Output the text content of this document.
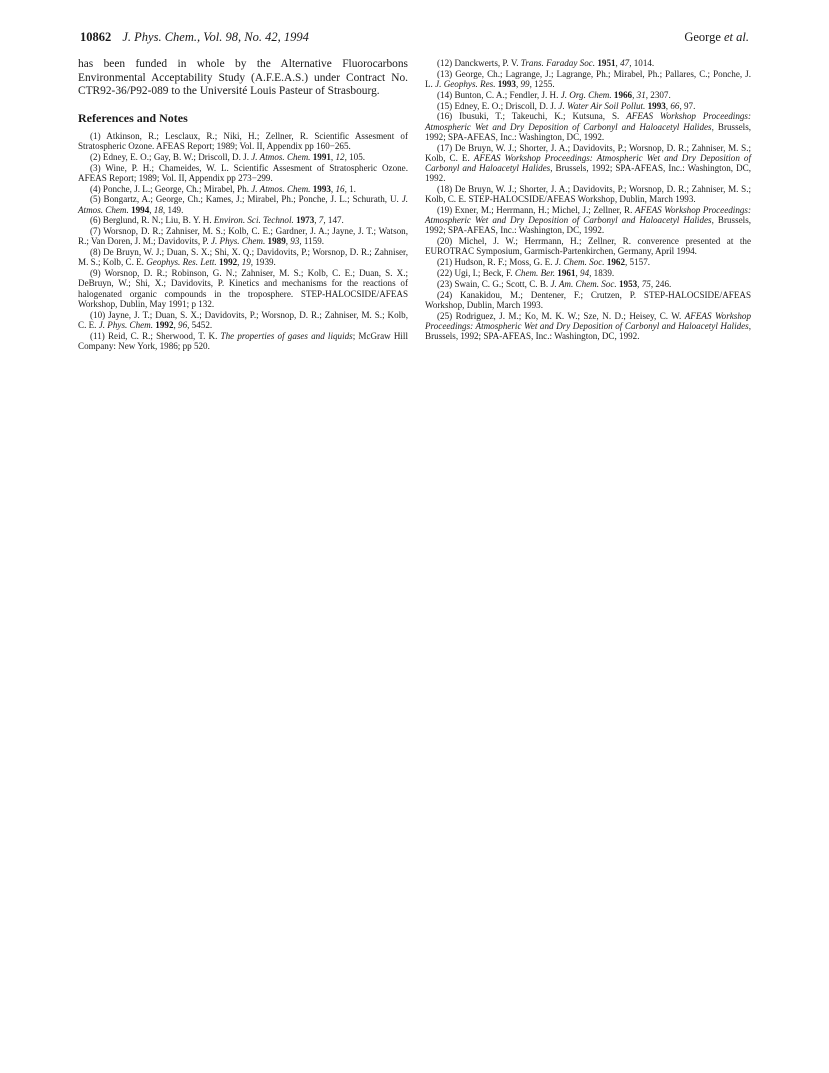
10862 J. Phys. Chem., Vol. 98, No. 42, 1994	George et al.

has been funded in whole by the Alternative Fluorocarbons Environmental Acceptability Study (A.F.E.A.S.) under Contract No. CTR92-36/P92-089 to the Université Louis Pasteur of Strasbourg.

References and Notes
(1) Atkinson, R.; Lesclaux, R.; Niki, H.; Zellner, R. Scientific Assesment of Stratospheric Ozone. AFEAS Report; 1989; Vol. II, Appendix pp 160−265.
(2) Edney, E. O.; Gay, B. W.; Driscoll, D. J. J. Atmos. Chem. 1991, 12, 105.
(3) Wine, P. H.; Chameides, W. L. Scientific Assesment of Stratospheric Ozone. AFEAS Report; 1989; Vol. II, Appendix pp 273−299.
(4) Ponche, J. L.; George, Ch.; Mirabel, Ph. J. Atmos. Chem. 1993, 16, 1.
(5) Bongartz, A.; George, Ch.; Kames, J.; Mirabel, Ph.; Ponche, J. L.; Schurath, U. J. Atmos. Chem. 1994, 18, 149.
(6) Berglund, R. N.; Liu, B. Y. H. Environ. Sci. Technol. 1973, 7, 147.
(7) Worsnop, D. R.; Zahniser, M. S.; Kolb, C. E.; Gardner, J. A.; Jayne, J. T.; Watson, R.; Van Doren, J. M.; Davidovits, P. J. Phys. Chem. 1989, 93, 1159.
(8) De Bruyn, W. J.; Duan, S. X.; Shi, X. Q.; Davidovits, P.; Worsnop, D. R.; Zahniser, M. S.; Kolb, C. E. Geophys. Res. Lett. 1992, 19, 1939.
(9) Worsnop, D. R.; Robinson, G. N.; Zahniser, M. S.; Kolb, C. E.; Duan, S. X.; DeBruyn, W.; Shi, X.; Davidovits, P. Kinetics and mechanisms for the reactions of halogenated organic compounds in the troposphere. STEP-HALOCSIDE/AFEAS Workshop, Dublin, May 1991; p 132.
(10) Jayne, J. T.; Duan, S. X.; Davidovits, P.; Worsnop, D. R.; Zahniser, M. S.; Kolb, C. E. J. Phys. Chem. 1992, 96, 5452.
(11) Reid, C. R.; Sherwood, T. K. The properties of gases and liquids; McGraw Hill Company: New York, 1986; pp 520.
(12) Danckwerts, P. V. Trans. Faraday Soc. 1951, 47, 1014.
(13) George, Ch.; Lagrange, J.; Lagrange, Ph.; Mirabel, Ph.; Pallares, C.; Ponche, J. L. J. Geophys. Res. 1993, 99, 1255.
(14) Bunton, C. A.; Fendler, J. H. J. Org. Chem. 1966, 31, 2307.
(15) Edney, E. O.; Driscoll, D. J. J. Water Air Soil Pollut. 1993, 66, 97.
(16) Ibusuki, T.; Takeuchi, K.; Kutsuna, S. AFEAS Workshop Proceedings: Atmospheric Wet and Dry Deposition of Carbonyl and Haloacetyl Halides, Brussels, 1992; SPA-AFEAS, Inc.: Washington, DC, 1992.
(17) De Bruyn, W. J.; Shorter, J. A.; Davidovits, P.; Worsnop, D. R.; Zahniser, M. S.; Kolb, C. E. AFEAS Workshop Proceedings: Atmospheric Wet and Dry Deposition of Carbonyl and Haloacetyl Halides, Brussels, 1992; SPA-AFEAS, Inc.: Washington, DC, 1992.
(18) De Bruyn, W. J.; Shorter, J. A.; Davidovits, P.; Worsnop, D. R.; Zahniser, M. S.; Kolb, C. E. STEP-HALOCSIDE/AFEAS Workshop, Dublin, March 1993.
(19) Exner, M.; Herrmann, H.; Michel, J.; Zellner, R. AFEAS Workshop Proceedings: Atmospheric Wet and Dry Deposition of Carbonyl and Haloacetyl Halides, Brussels, 1992; SPA-AFEAS, Inc.: Washington, DC, 1992.
(20) Michel, J. W.; Herrmann, H.; Zellner, R. converence presented at the EUROTRAC Symposium, Garmisch-Partenkirchen, Germany, April 1994.
(21) Hudson, R. F.; Moss, G. E. J. Chem. Soc. 1962, 5157.
(22) Ugi, I.; Beck, F. Chem. Ber. 1961, 94, 1839.
(23) Swain, C. G.; Scott, C. B. J. Am. Chem. Soc. 1953, 75, 246.
(24) Kanakidou, M.; Dentener, F.; Crutzen, P. STEP-HALOCSIDE/AFEAS Workshop, Dublin, March 1993.
(25) Rodriguez, J. M.; Ko, M. K. W.; Sze, N. D.; Heisey, C. W. AFEAS Workshop Proceedings: Atmospheric Wet and Dry Deposition of Carbonyl and Haloacetyl Halides, Brussels, 1992; SPA-AFEAS, Inc.: Washington, DC, 1992.
